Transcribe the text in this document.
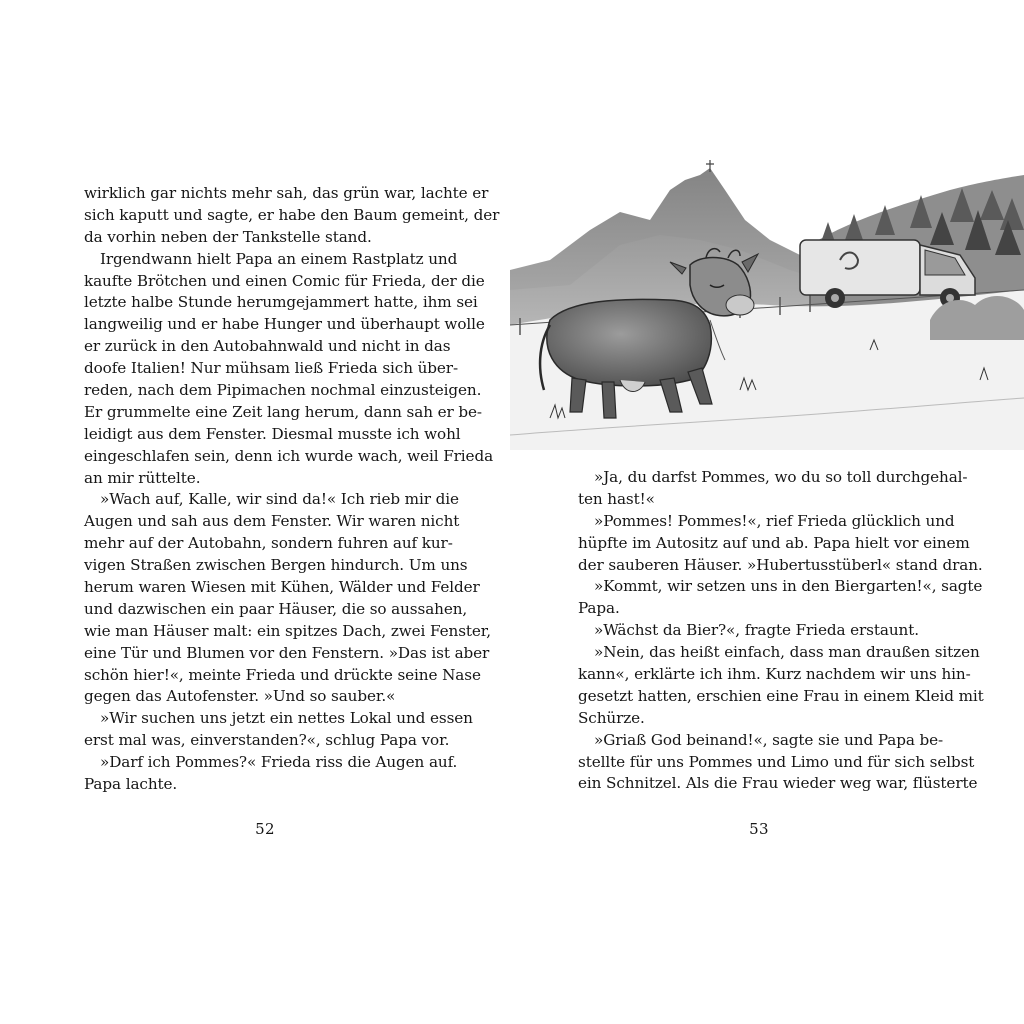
wirklich gar nichts mehr sah, das grün war, lachte er
sich kaputt und sagte, er habe den Baum gemeint, der
da vorhin neben der Tankstelle stand.
Irgendwann hielt Papa an einem Rastplatz und
kaufte Brötchen und einen Comic für Frieda, der die
letzte halbe Stunde herumgejammert hatte, ihm sei
langweilig und er habe Hunger und überhaupt wolle
er zurück in den Autobahnwald und nicht in das
doofe Italien! Nur mühsam ließ Frieda sich über-
reden, nach dem Pipimachen nochmal einzusteigen.
Er grummelte eine Zeit lang herum, dann sah er be-
leidigt aus dem Fenster. Diesmal musste ich wohl
eingeschlafen sein, denn ich wurde wach, weil Frieda
an mir rüttelte.
»Wach auf, Kalle, wir sind da!« Ich rieb mir die
Augen und sah aus dem Fenster. Wir waren nicht
mehr auf der Autobahn, sondern fuhren auf kur-
vigen Straßen zwischen Bergen hindurch. Um uns
herum waren Wiesen mit Kühen, Wälder und Felder
und dazwischen ein paar Häuser, die so aussahen,
wie man Häuser malt: ein spitzes Dach, zwei Fenster,
eine Tür und Blumen vor den Fenstern. »Das ist aber
schön hier!«, meinte Frieda und drückte seine Nase
gegen das Autofenster. »Und so sauber.«
»Wir suchen uns jetzt ein nettes Lokal und essen
erst mal was, einverstanden?«, schlug Papa vor.
»Darf ich Pommes?« Frieda riss die Augen auf.
Papa lachte.
52
»Ja, du darfst Pommes, wo du so toll durchgehal-
ten hast!«
»Pommes! Pommes!«, rief Frieda glücklich und
hüpfte im Autositz auf und ab. Papa hielt vor einem
der sauberen Häuser. »Hubertusstüberl« stand dran.
»Kommt, wir setzen uns in den Biergarten!«, sagte
Papa.
»Wächst da Bier?«, fragte Frieda erstaunt.
»Nein, das heißt einfach, dass man draußen sitzen
kann«, erklärte ich ihm. Kurz nachdem wir uns hin-
gesetzt hatten, erschien eine Frau in einem Kleid mit
Schürze.
»Griaß God beinand!«, sagte sie und Papa be-
stellte für uns Pommes und Limo und für sich selbst
ein Schnitzel. Als die Frau wieder weg war, flüsterte
53
